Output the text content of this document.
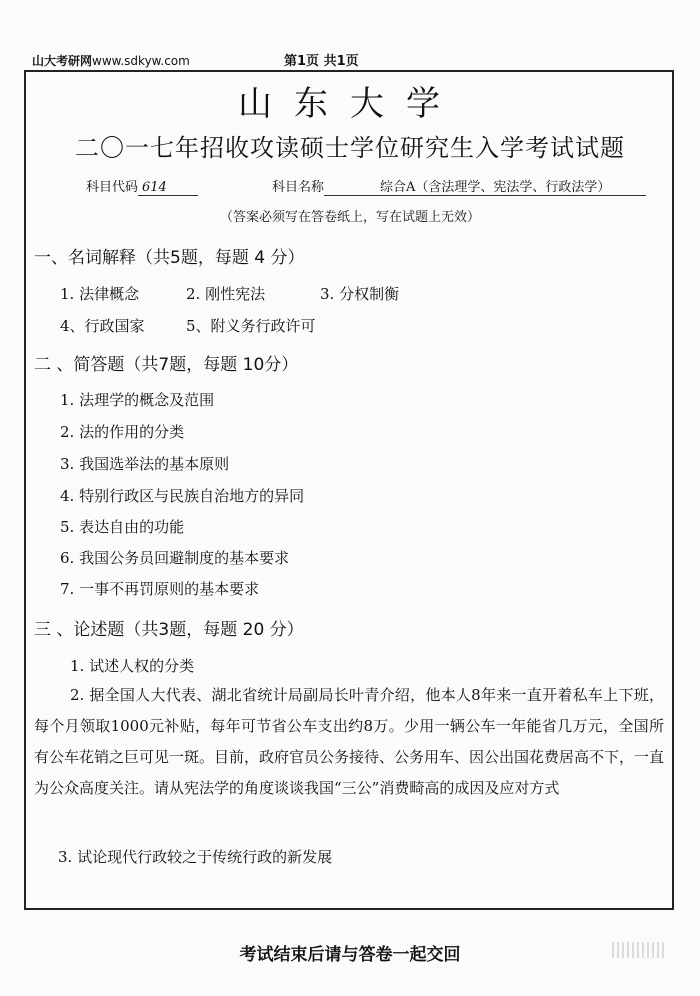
山大考研网www.sdkyw.com	第1页 共1页
山东大学
二〇一七年招收攻读硕士学位研究生入学考试试题
科目代码 614	科目名称	综合A（含法理学、宪法学、行政法学）
（答案必须写在答卷纸上，写在试题上无效）
一、名词解释（共5题，每题 4 分）
1. 法律概念	2. 刚性宪法	3. 分权制衡
4、行政国家	5、附义务行政许可
二 、简答题（共7题，每题 10分）
1. 法理学的概念及范围
2. 法的作用的分类
3. 我国选举法的基本原则
4. 特别行政区与民族自治地方的异同
5. 表达自由的功能
6. 我国公务员回避制度的基本要求
7. 一事不再罚原则的基本要求
三 、论述题（共3题，每题 20 分）
1. 试述人权的分类
2. 据全国人大代表、湖北省统计局副局长叶青介绍，他本人8年来一直开着私车上下班，每个月领取1000元补贴，每年可节省公车支出约8万。少用一辆公车一年能省几万元，全国所有公车花销之巨可见一斑。目前，政府官员公务接待、公务用车、因公出国花费居高不下，一直为公众高度关注。请从宪法学的角度谈谈我国“三公”消费畸高的成因及应对方式
3. 试论现代行政较之于传统行政的新发展
考试结束后请与答卷一起交回
